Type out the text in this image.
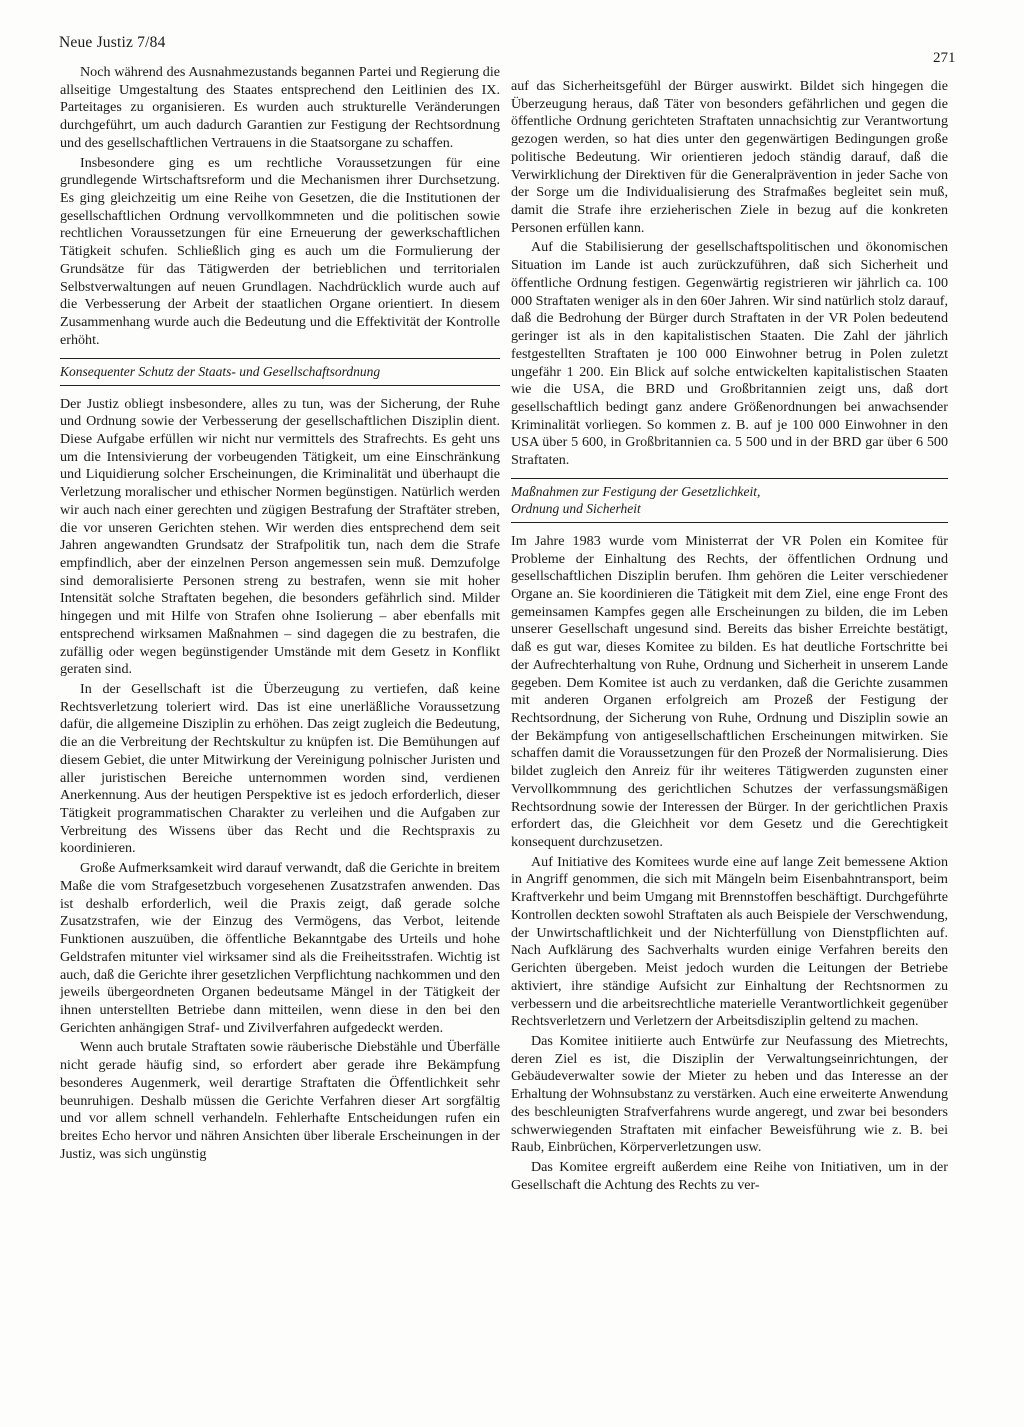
Neue Justiz 7/84
271

Noch während des Ausnahmezustands begannen Partei und Regierung die allseitige Umgestaltung des Staates entsprechend den Leitlinien des IX. Parteitages zu organisieren. Es wurden auch strukturelle Veränderungen durchgeführt, um auch dadurch Garantien zur Festigung der Rechtsordnung und des gesellschaftlichen Vertrauens in die Staatsorgane zu schaffen.

Insbesondere ging es um rechtliche Voraussetzungen für eine grundlegende Wirtschaftsreform und die Mechanismen ihrer Durchsetzung. Es ging gleichzeitig um eine Reihe von Gesetzen, die die Institutionen der gesellschaftlichen Ordnung vervollkommneten und die politischen sowie rechtlichen Voraussetzungen für eine Erneuerung der gewerkschaftlichen Tätigkeit schufen. Schließlich ging es auch um die Formulierung der Grundsätze für das Tätigwerden der betrieblichen und territorialen Selbstverwaltungen auf neuen Grundlagen. Nachdrücklich wurde auch auf die Verbesserung der Arbeit der staatlichen Organe orientiert. In diesem Zusammenhang wurde auch die Bedeutung und die Effektivität der Kontrolle erhöht.

Konsequenter Schutz der Staats- und Gesellschaftsordnung

Der Justiz obliegt insbesondere, alles zu tun, was der Sicherung, der Ruhe und Ordnung sowie der Verbesserung der gesellschaftlichen Disziplin dient. Diese Aufgabe erfüllen wir nicht nur vermittels des Strafrechts. Es geht uns um die Intensivierung der vorbeugenden Tätigkeit, um eine Einschränkung und Liquidierung solcher Erscheinungen, die Kriminalität und überhaupt die Verletzung moralischer und ethischer Normen begünstigen. Natürlich werden wir auch nach einer gerechten und zügigen Bestrafung der Straftäter streben, die vor unseren Gerichten stehen. Wir werden dies entsprechend dem seit Jahren angewandten Grundsatz der Strafpolitik tun, nach dem die Strafe empfindlich, aber der einzelnen Person angemessen sein muß. Demzufolge sind demoralisierte Personen streng zu bestrafen, wenn sie mit hoher Intensität solche Straftaten begehen, die besonders gefährlich sind. Milder hingegen und mit Hilfe von Strafen ohne Isolierung – aber ebenfalls mit entsprechend wirksamen Maßnahmen – sind dagegen die zu bestrafen, die zufällig oder wegen begünstigender Umstände mit dem Gesetz in Konflikt geraten sind.

In der Gesellschaft ist die Überzeugung zu vertiefen, daß keine Rechtsverletzung toleriert wird. Das ist eine unerläßliche Voraussetzung dafür, die allgemeine Disziplin zu erhöhen. Das zeigt zugleich die Bedeutung, die an die Verbreitung der Rechtskultur zu knüpfen ist. Die Bemühungen auf diesem Gebiet, die unter Mitwirkung der Vereinigung polnischer Juristen und aller juristischen Bereiche unternommen worden sind, verdienen Anerkennung. Aus der heutigen Perspektive ist es jedoch erforderlich, dieser Tätigkeit programmatischen Charakter zu verleihen und die Aufgaben zur Verbreitung des Wissens über das Recht und die Rechtspraxis zu koordinieren.

Große Aufmerksamkeit wird darauf verwandt, daß die Gerichte in breitem Maße die vom Strafgesetzbuch vorgesehenen Zusatzstrafen anwenden. Das ist deshalb erforderlich, weil die Praxis zeigt, daß gerade solche Zusatzstrafen, wie der Einzug des Vermögens, das Verbot, leitende Funktionen auszuüben, die öffentliche Bekanntgabe des Urteils und hohe Geldstrafen mitunter viel wirksamer sind als die Freiheitsstrafen. Wichtig ist auch, daß die Gerichte ihrer gesetzlichen Verpflichtung nachkommen und den jeweils übergeordneten Organen bedeutsame Mängel in der Tätigkeit der ihnen unterstellten Betriebe dann mitteilen, wenn diese in den bei den Gerichten anhängigen Straf- und Zivilverfahren aufgedeckt werden.

Wenn auch brutale Straftaten sowie räuberische Diebstähle und Überfälle nicht gerade häufig sind, so erfordert aber gerade ihre Bekämpfung besonderes Augenmerk, weil derartige Straftaten die Öffentlichkeit sehr beunruhigen. Deshalb müssen die Gerichte Verfahren dieser Art sorgfältig und vor allem schnell verhandeln. Fehlerhafte Entscheidungen rufen ein breites Echo hervor und nähren Ansichten über liberale Erscheinungen in der Justiz, was sich ungünstig

auf das Sicherheitsgefühl der Bürger auswirkt. Bildet sich hingegen die Überzeugung heraus, daß Täter von besonders gefährlichen und gegen die öffentliche Ordnung gerichteten Straftaten unnachsichtig zur Verantwortung gezogen werden, so hat dies unter den gegenwärtigen Bedingungen große politische Bedeutung. Wir orientieren jedoch ständig darauf, daß die Verwirklichung der Direktiven für die Generalprävention in jeder Sache von der Sorge um die Individualisierung des Strafmaßes begleitet sein muß, damit die Strafe ihre erzieherischen Ziele in bezug auf die konkreten Personen erfüllen kann.

Auf die Stabilisierung der gesellschaftspolitischen und ökonomischen Situation im Lande ist auch zurückzuführen, daß sich Sicherheit und öffentliche Ordnung festigen. Gegenwärtig registrieren wir jährlich ca. 100 000 Straftaten weniger als in den 60er Jahren. Wir sind natürlich stolz darauf, daß die Bedrohung der Bürger durch Straftaten in der VR Polen bedeutend geringer ist als in den kapitalistischen Staaten. Die Zahl der jährlich festgestellten Straftaten je 100 000 Einwohner betrug in Polen zuletzt ungefähr 1 200. Ein Blick auf solche entwickelten kapitalistischen Staaten wie die USA, die BRD und Großbritannien zeigt uns, daß dort gesellschaftlich bedingt ganz andere Größenordnungen bei anwachsender Kriminalität vorliegen. So kommen z. B. auf je 100 000 Einwohner in den USA über 5 600, in Großbritannien ca. 5 500 und in der BRD gar über 6 500 Straftaten.

Maßnahmen zur Festigung der Gesetzlichkeit,
Ordnung und Sicherheit

Im Jahre 1983 wurde vom Ministerrat der VR Polen ein Komitee für Probleme der Einhaltung des Rechts, der öffentlichen Ordnung und gesellschaftlichen Disziplin berufen. Ihm gehören die Leiter verschiedener Organe an. Sie koordinieren die Tätigkeit mit dem Ziel, eine enge Front des gemeinsamen Kampfes gegen alle Erscheinungen zu bilden, die im Leben unserer Gesellschaft ungesund sind. Bereits das bisher Erreichte bestätigt, daß es gut war, dieses Komitee zu bilden. Es hat deutliche Fortschritte bei der Aufrechterhaltung von Ruhe, Ordnung und Sicherheit in unserem Lande gegeben. Dem Komitee ist auch zu verdanken, daß die Gerichte zusammen mit anderen Organen erfolgreich am Prozeß der Festigung der Rechtsordnung, der Sicherung von Ruhe, Ordnung und Disziplin sowie an der Bekämpfung von antigesellschaftlichen Erscheinungen mitwirken. Sie schaffen damit die Voraussetzungen für den Prozeß der Normalisierung. Dies bildet zugleich den Anreiz für ihr weiteres Tätigwerden zugunsten einer Vervollkommnung des gerichtlichen Schutzes der verfassungsmäßigen Rechtsordnung sowie der Interessen der Bürger. In der gerichtlichen Praxis erfordert das, die Gleichheit vor dem Gesetz und die Gerechtigkeit konsequent durchzusetzen.

Auf Initiative des Komitees wurde eine auf lange Zeit bemessene Aktion in Angriff genommen, die sich mit Mängeln beim Eisenbahntransport, beim Kraftverkehr und beim Umgang mit Brennstoffen beschäftigt. Durchgeführte Kontrollen deckten sowohl Straftaten als auch Beispiele der Verschwendung, der Unwirtschaftlichkeit und der Nichterfüllung von Dienstpflichten auf. Nach Aufklärung des Sachverhalts wurden einige Verfahren bereits den Gerichten übergeben. Meist jedoch wurden die Leitungen der Betriebe aktiviert, ihre ständige Aufsicht zur Einhaltung der Rechtsnormen zu verbessern und die arbeitsrechtliche materielle Verantwortlichkeit gegenüber Rechtsverletzern und Verletzern der Arbeitsdisziplin geltend zu machen.

Das Komitee initiierte auch Entwürfe zur Neufassung des Mietrechts, deren Ziel es ist, die Disziplin der Verwaltungseinrichtungen, der Gebäudeverwalter sowie der Mieter zu heben und das Interesse an der Erhaltung der Wohnsubstanz zu verstärken. Auch eine erweiterte Anwendung des beschleunigten Strafverfahrens wurde angeregt, und zwar bei besonders schwerwiegenden Straftaten mit einfacher Beweisführung wie z. B. bei Raub, Einbrüchen, Körperverletzungen usw.

Das Komitee ergreift außerdem eine Reihe von Initiativen, um in der Gesellschaft die Achtung des Rechts zu ver-
